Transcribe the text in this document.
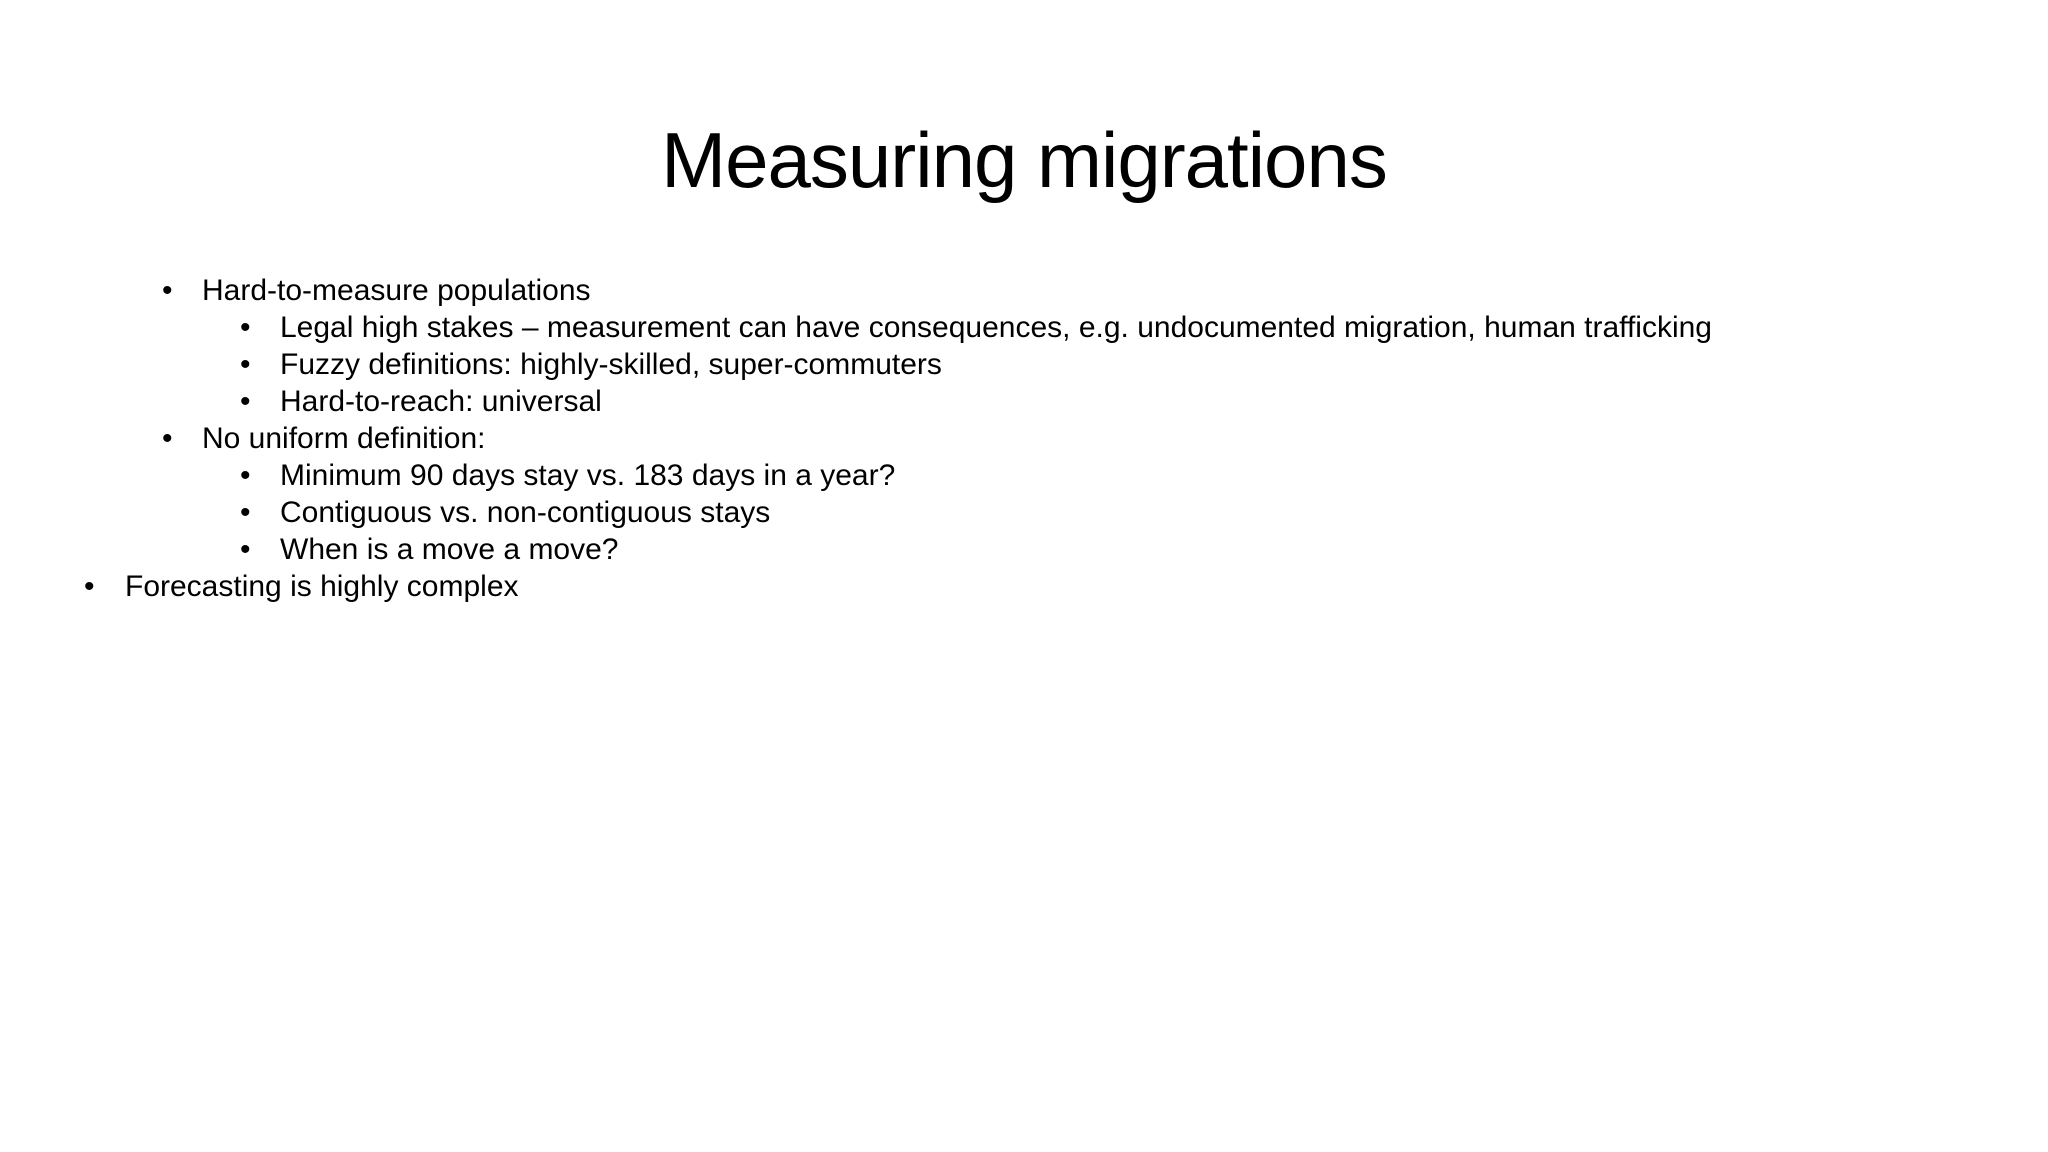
Measuring migrations
• Hard-to-measure populations
• Legal high stakes – measurement can have consequences, e.g. undocumented migration, human trafficking
• Fuzzy definitions: highly-skilled, super-commuters
• Hard-to-reach: universal
• No uniform definition:
• Minimum 90 days stay vs. 183 days in a year?
• Contiguous vs. non-contiguous stays
• When is a move a move?
• Forecasting is highly complex
